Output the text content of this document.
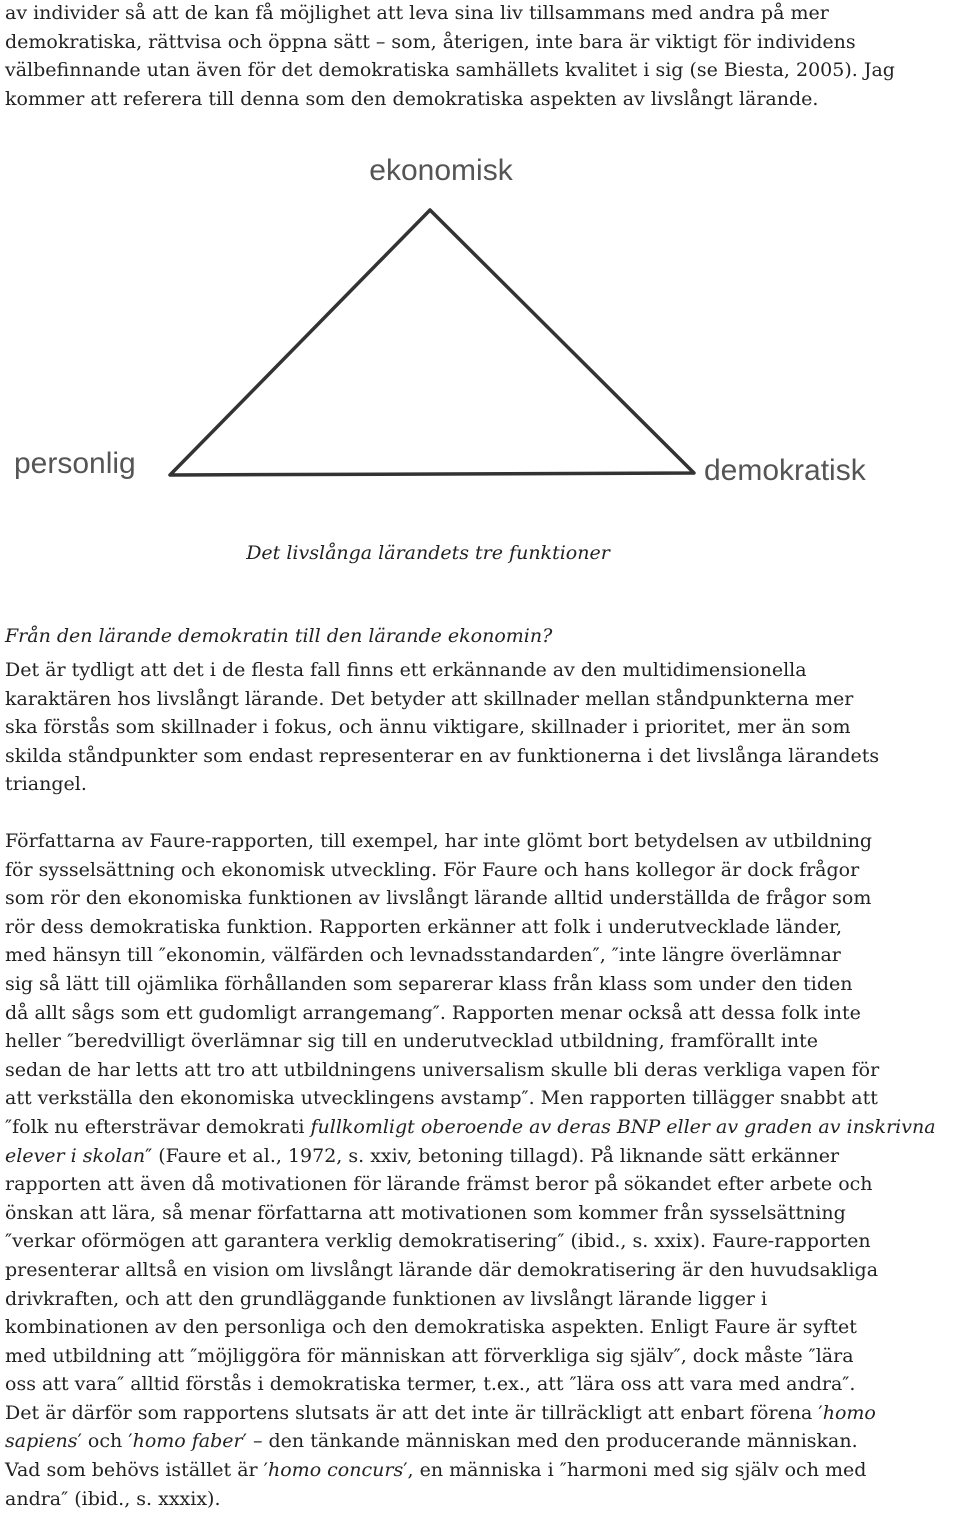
av individer så att de kan få möjlighet att leva sina liv tillsammans med andra på mer
demokratiska, rättvisa och öppna sätt – som, återigen, inte bara är viktigt för individens
välbefinnande utan även för det demokratiska samhällets kvalitet i sig (se Biesta, 2005). Jag
kommer att referera till denna som den demokratiska aspekten av livslångt lärande.
ekonomisk
personlig	demokratisk

Det livslånga lärandets tre funktioner

Från den lärande demokratin till den lärande ekonomin?
Det är tydligt att det i de flesta fall finns ett erkännande av den multidimensionella
karaktären hos livslångt lärande. Det betyder att skillnader mellan ståndpunkterna mer
ska förstås som skillnader i fokus, och ännu viktigare, skillnader i prioritet, mer än som
skilda ståndpunkter som endast representerar en av funktionerna i det livslånga lärandets
triangel.
Författarna av Faure-rapporten, till exempel, har inte glömt bort betydelsen av utbildning
för sysselsättning och ekonomisk utveckling. För Faure och hans kollegor är dock frågor
som rör den ekonomiska funktionen av livslångt lärande alltid underställda de frågor som
rör dess demokratiska funktion. Rapporten erkänner att folk i underutvecklade länder,
med hänsyn till ″ekonomin, välfärden och levnadsstandarden″, ″inte längre överlämnar
sig så lätt till ojämlika förhållanden som separerar klass från klass som under den tiden
då allt sågs som ett gudomligt arrangemang″. Rapporten menar också att dessa folk inte
heller ″beredvilligt överlämnar sig till en underutvecklad utbildning, framförallt inte
sedan de har letts att tro att utbildningens universalism skulle bli deras verkliga vapen för
att verkställa den ekonomiska utvecklingens avstamp″. Men rapporten tillägger snabbt att
″folk nu eftersträvar demokrati fullkomligt oberoende av deras BNP eller av graden av inskrivna
elever i skolan″ (Faure et al., 1972, s. xxiv, betoning tillagd). På liknande sätt erkänner
rapporten att även då motivationen för lärande främst beror på sökandet efter arbete och
önskan att lära, så menar författarna att motivationen som kommer från sysselsättning
″verkar oförmögen att garantera verklig demokratisering″ (ibid., s. xxix). Faure-rapporten
presenterar alltså en vision om livslångt lärande där demokratisering är den huvudsakliga
drivkraften, och att den grundläggande funktionen av livslångt lärande ligger i
kombinationen av den personliga och den demokratiska aspekten. Enligt Faure är syftet
med utbildning att ″möjliggöra för människan att förverkliga sig själv″, dock måste ″lära
oss att vara″ alltid förstås i demokratiska termer, t.ex., att ″lära oss att vara med andra″.
Det är därför som rapportens slutsats är att det inte är tillräckligt att enbart förena ′homo
sapiens′ och ′homo faber′ – den tänkande människan med den producerande människan.
Vad som behövs istället är ′homo concurs′, en människa i ″harmoni med sig själv och med
andra″ (ibid., s. xxxix).
